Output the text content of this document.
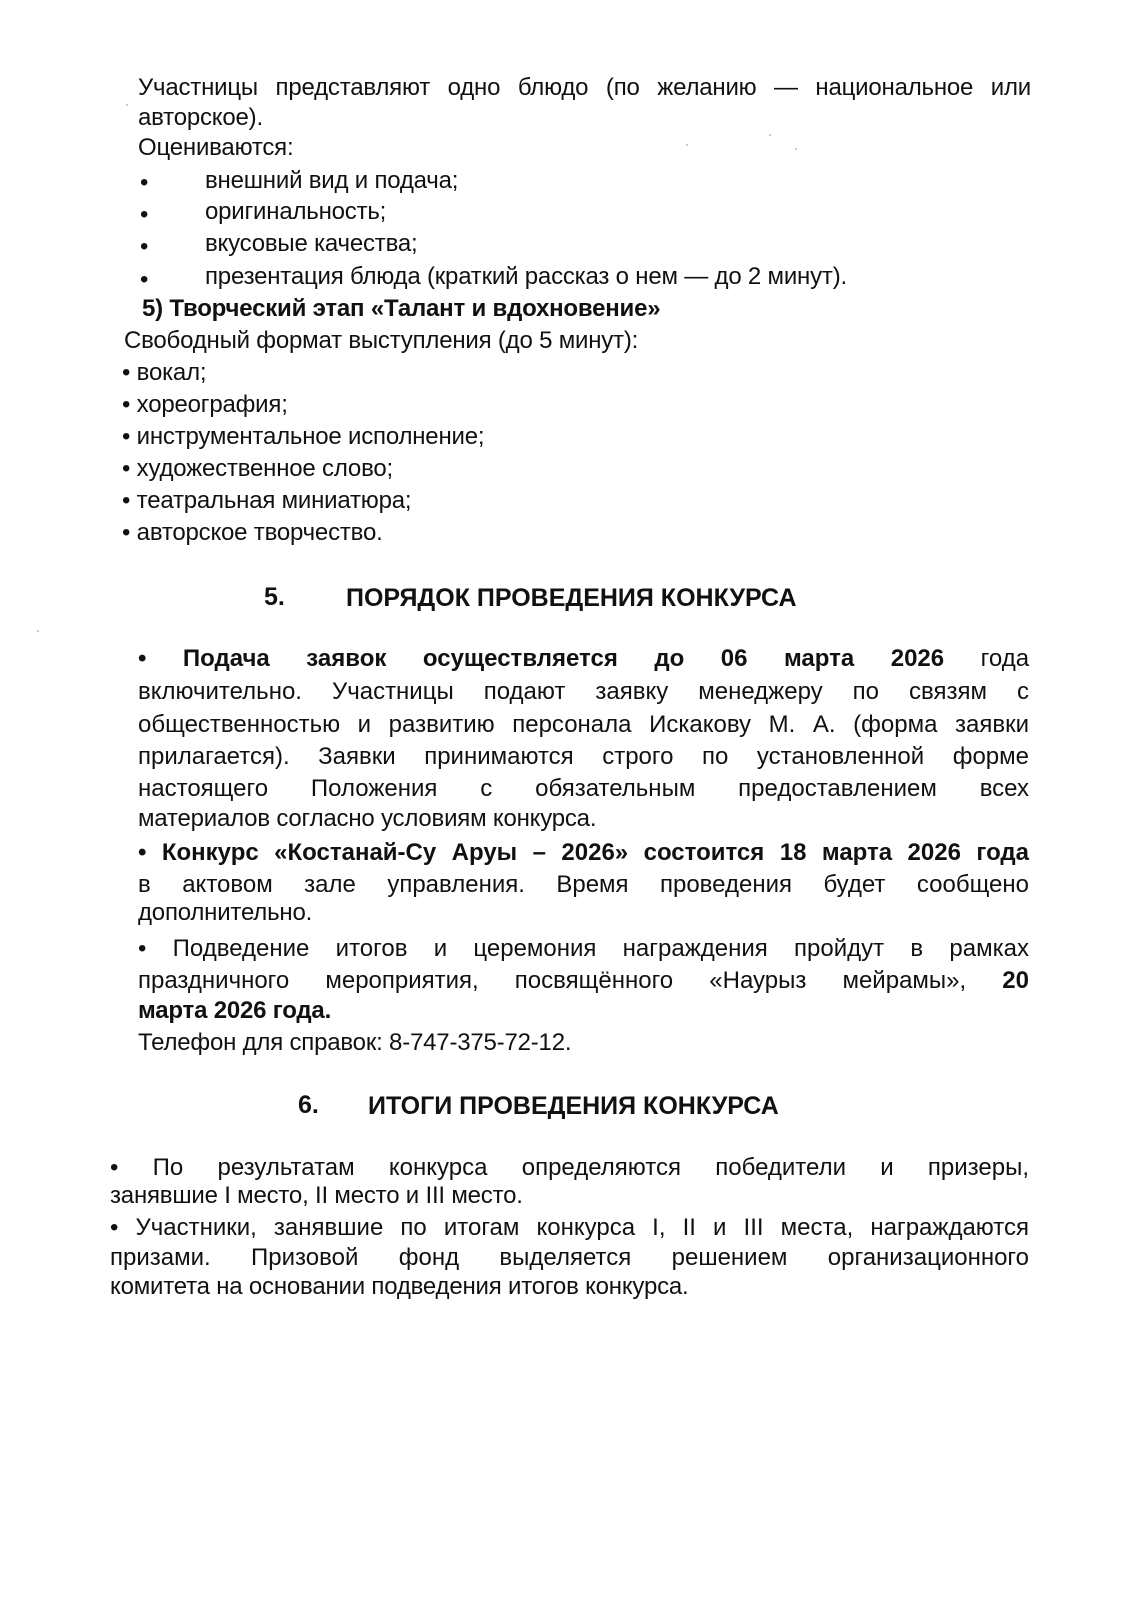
Участницы представляют одно блюдо (по желанию — национальное или
авторское).
Оцениваются:
• внешний вид и подача;
• оригинальность;
• вкусовые качества;
• презентация блюда (краткий рассказ о нем — до 2 минут).
5) Творческий этап «Талант и вдохновение»
Свободный формат выступления (до 5 минут):
• вокал;
• хореография;
• инструментальное исполнение;
• художественное слово;
• театральная миниатюра;
• авторское творчество.
5. ПОРЯДОК ПРОВЕДЕНИЯ КОНКУРСА
• Подача заявок осуществляется до 06 марта 2026 года
включительно. Участницы подают заявку менеджеру по связям с
общественностью и развитию персонала Искакову М. А. (форма заявки
прилагается). Заявки принимаются строго по установленной форме
настоящего Положения с обязательным предоставлением всех
материалов согласно условиям конкурса.
• Конкурс «Костанай-Су Аруы – 2026» состоится 18 марта 2026 года
в актовом зале управления. Время проведения будет сообщено
дополнительно.
• Подведение итогов и церемония награждения пройдут в рамках
праздничного мероприятия, посвящённого «Наурыз мейрамы», 20
марта 2026 года.
Телефон для справок: 8-747-375-72-12.
6. ИТОГИ ПРОВЕДЕНИЯ КОНКУРСА
• По результатам конкурса определяются победители и призеры,
занявшие I место, II место и III место.
• Участники, занявшие по итогам конкурса I, II и III места, награждаются
призами. Призовой фонд выделяется решением организационного
комитета на основании подведения итогов конкурса.
